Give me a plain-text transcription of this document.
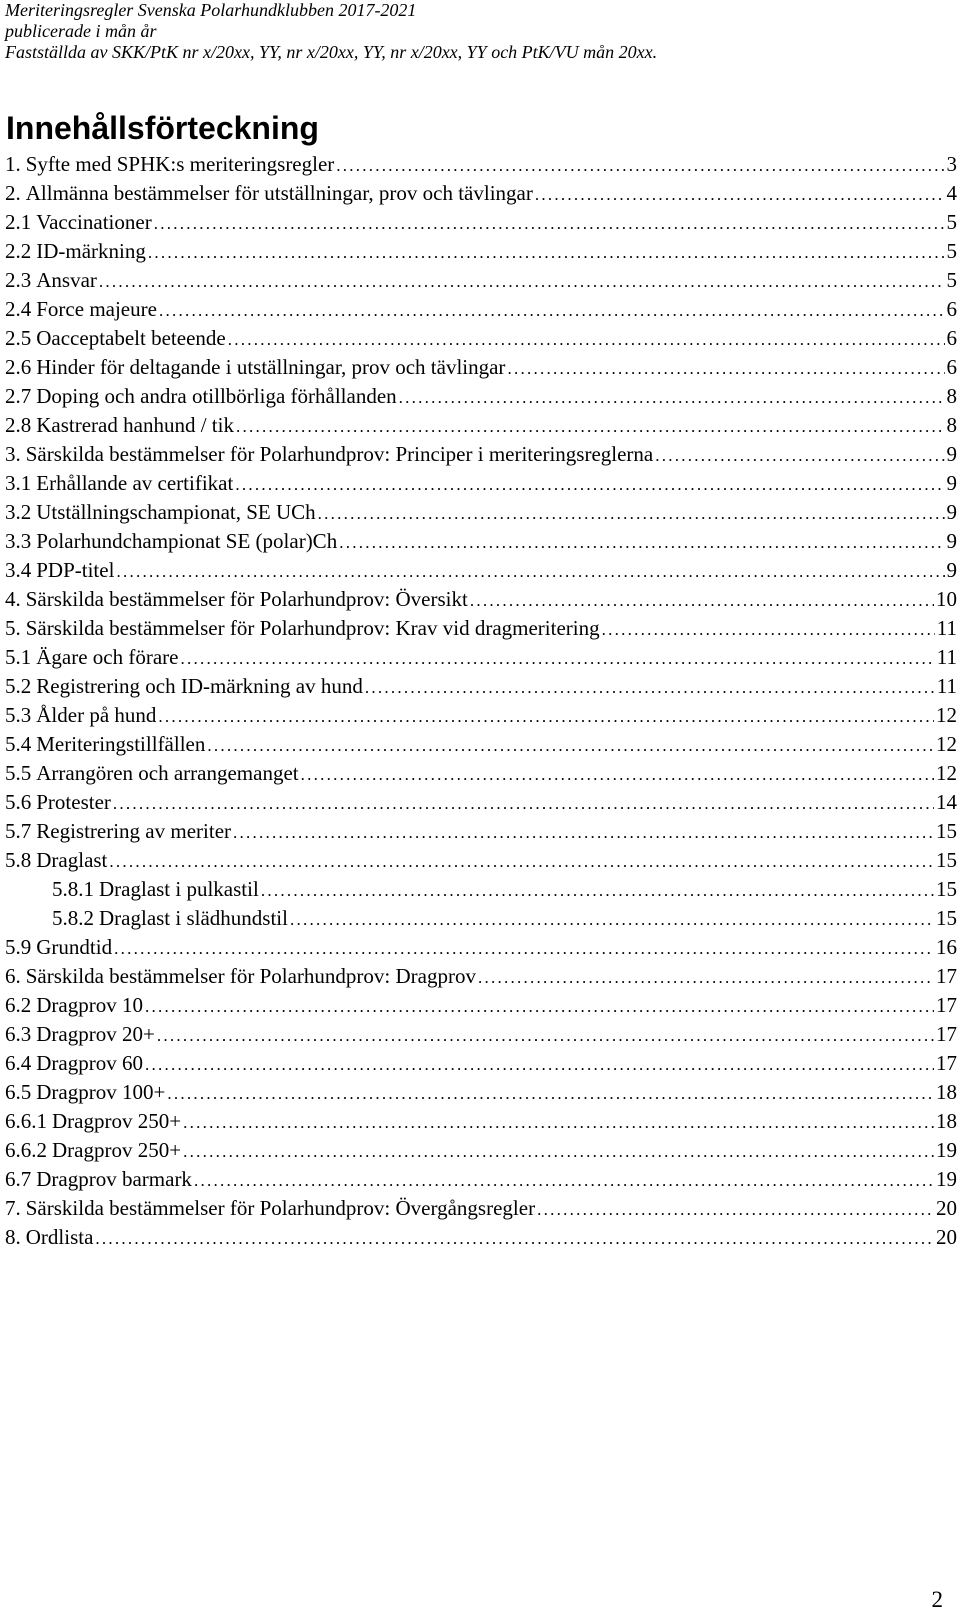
Meriteringsregler Svenska Polarhundklubben 2017-2021
publicerade i mån år
Fastställda av SKK/PtK nr x/20xx, YY, nr x/20xx, YY, nr x/20xx, YY och PtK/VU mån 20xx.
Innehållsförteckning
1. Syfte med SPHK:s meriteringsregler . . .	3
2. Allmänna bestämmelser för utställningar, prov och tävlingar . . .	4
2.1 Vaccinationer . . .	5
2.2 ID-märkning . . .	5
2.3 Ansvar . . .	5
2.4 Force majeure . . .	6
2.5 Oacceptabelt beteende . . .	6
2.6 Hinder för deltagande i utställningar, prov och tävlingar . . .	6
2.7 Doping och andra otillbörliga förhållanden . . .	8
2.8 Kastrerad hanhund / tik . . .	8
3. Särskilda bestämmelser för Polarhundprov: Principer i meriteringsreglerna . . .	9
3.1 Erhållande av certifikat . . .	9
3.2 Utställningschampionat, SE UCh . . .	9
3.3 Polarhundchampionat SE (polar)Ch . . .	9
3.4 PDP-titel . . .	9
4. Särskilda bestämmelser för Polarhundprov: Översikt . . .	10
5. Särskilda bestämmelser för Polarhundprov: Krav vid dragmeritering . . .	11
5.1 Ägare och förare . . .	11
5.2 Registrering och ID-märkning av hund . . .	11
5.3 Ålder på hund . . .	12
5.4 Meriteringstillfällen . . .	12
5.5 Arrangören och arrangemanget . . .	12
5.6 Protester . . .	14
5.7 Registrering av meriter . . .	15
5.8 Draglast . . .	15
5.8.1 Draglast i pulkastil . . .	15
5.8.2 Draglast i slädhundstil . . .	15
5.9 Grundtid . . .	16
6. Särskilda bestämmelser för Polarhundprov: Dragprov . . .	17
6.2 Dragprov 10 . . .	17
6.3 Dragprov 20+ . . .	17
6.4 Dragprov 60 . . .	17
6.5 Dragprov 100+ . . .	18
6.6.1 Dragprov 250+ . . .	18
6.6.2 Dragprov 250+ . . .	19
6.7 Dragprov barmark . . .	19
7. Särskilda bestämmelser för Polarhundprov: Övergångsregler . . .	20
8. Ordlista . . .	20
2
